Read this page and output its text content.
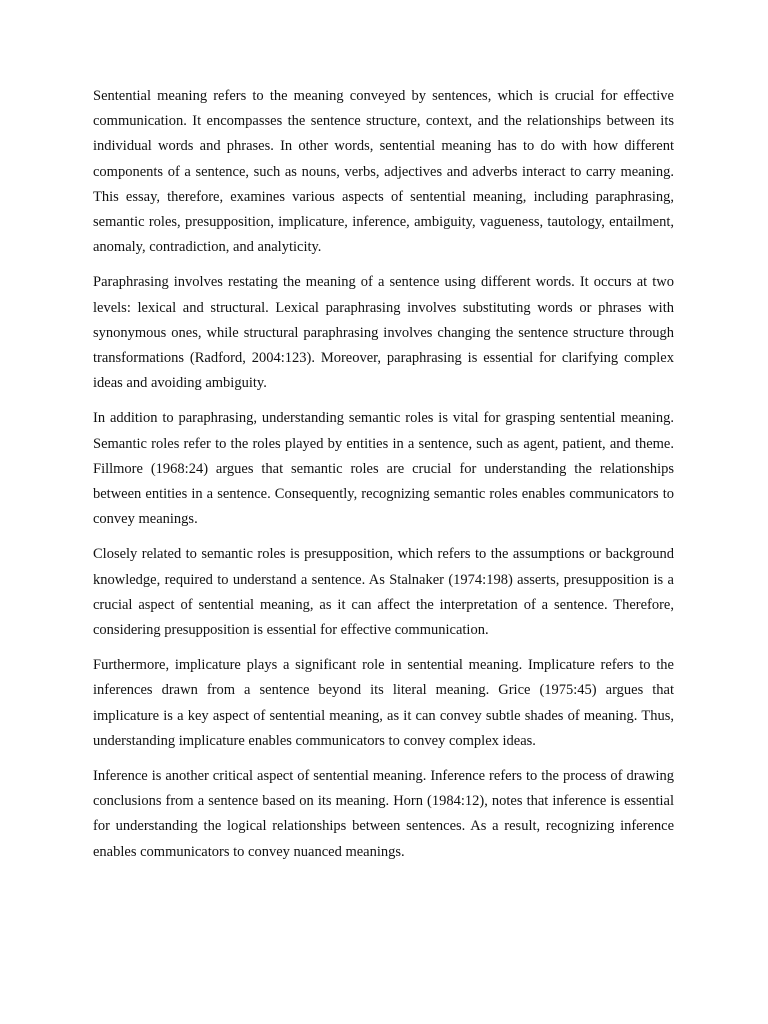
Sentential meaning refers to the meaning conveyed by sentences, which is crucial for effective communication. It encompasses the sentence structure, context, and the relationships between its individual words and phrases. In other words, sentential meaning has to do with how different components of a sentence, such as nouns, verbs, adjectives and adverbs interact to carry meaning. This essay, therefore, examines various aspects of sentential meaning, including paraphrasing, semantic roles, presupposition, implicature, inference, ambiguity, vagueness, tautology, entailment, anomaly, contradiction, and analyticity.

Paraphrasing involves restating the meaning of a sentence using different words. It occurs at two levels: lexical and structural. Lexical paraphrasing involves substituting words or phrases with synonymous ones, while structural paraphrasing involves changing the sentence structure through transformations (Radford, 2004:123). Moreover, paraphrasing is essential for clarifying complex ideas and avoiding ambiguity.

In addition to paraphrasing, understanding semantic roles is vital for grasping sentential meaning. Semantic roles refer to the roles played by entities in a sentence, such as agent, patient, and theme. Fillmore (1968:24) argues that semantic roles are crucial for understanding the relationships between entities in a sentence. Consequently, recognizing semantic roles enables communicators to convey meanings.

Closely related to semantic roles is presupposition, which refers to the assumptions or background knowledge, required to understand a sentence. As Stalnaker (1974:198) asserts, presupposition is a crucial aspect of sentential meaning, as it can affect the interpretation of a sentence. Therefore, considering presupposition is essential for effective communication.

Furthermore, implicature plays a significant role in sentential meaning. Implicature refers to the inferences drawn from a sentence beyond its literal meaning. Grice (1975:45) argues that implicature is a key aspect of sentential meaning, as it can convey subtle shades of meaning. Thus, understanding implicature enables communicators to convey complex ideas.

Inference is another critical aspect of sentential meaning. Inference refers to the process of drawing conclusions from a sentence based on its meaning. Horn (1984:12), notes that inference is essential for understanding the logical relationships between sentences. As a result, recognizing inference enables communicators to convey nuanced meanings.
